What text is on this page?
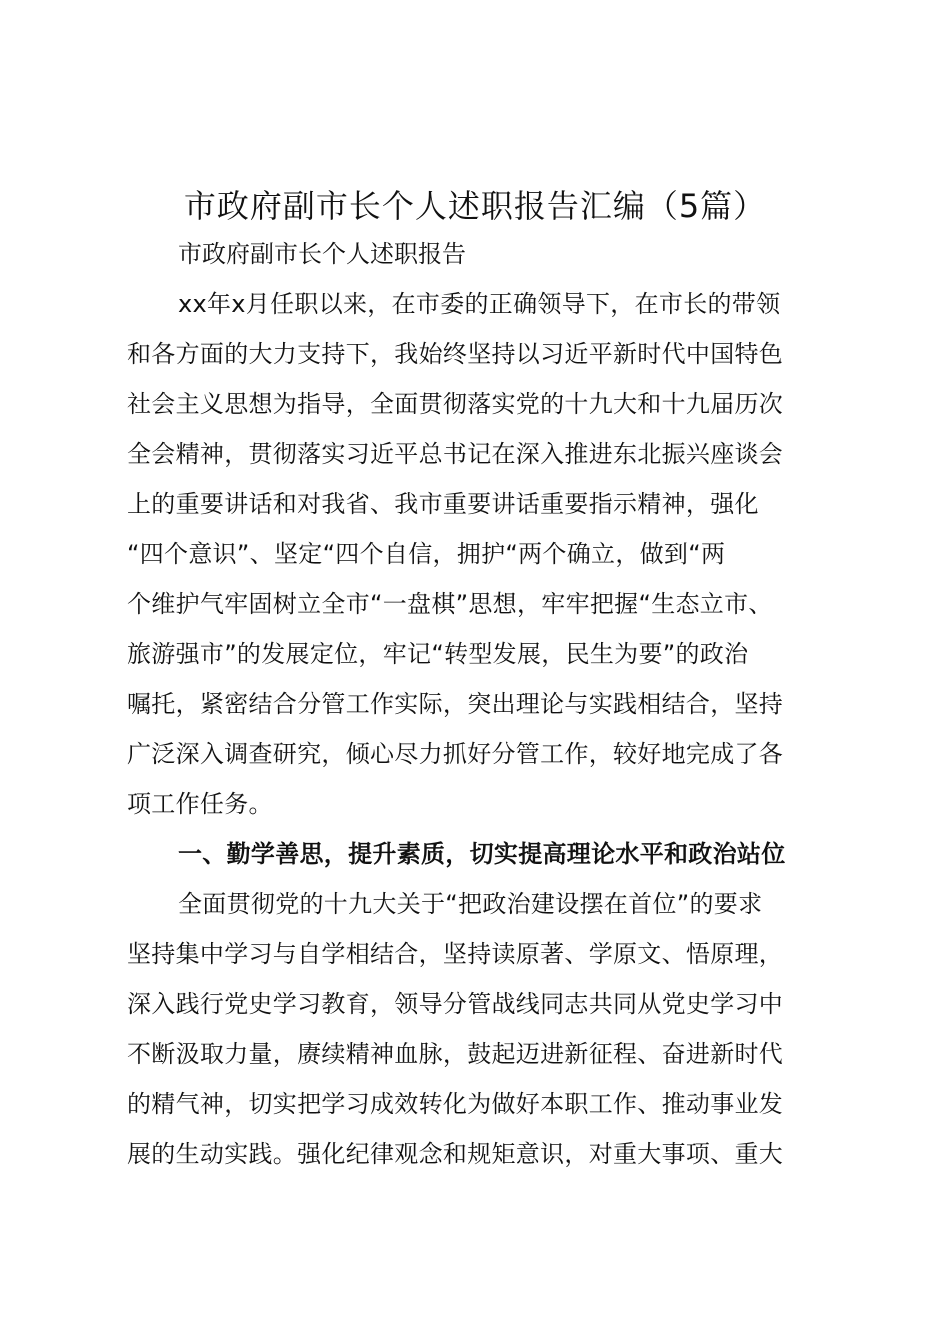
市政府副市长个人述职报告汇编（5篇）
市政府副市长个人述职报告
xx年x月任职以来，在市委的正确领导下，在市长的带领
和各方面的大力支持下，我始终坚持以习近平新时代中国特色
社会主义思想为指导，全面贯彻落实党的十九大和十九届历次
全会精神，贯彻落实习近平总书记在深入推进东北振兴座谈会
上的重要讲话和对我省、我市重要讲话重要指示精神，强化
“四个意识”、坚定“四个自信，拥护“两个确立，做到“两
个维护气牢固树立全市“一盘棋”思想，牢牢把握“生态立市、
旅游强市”的发展定位，牢记“转型发展，民生为要”的政治
嘱托，紧密结合分管工作实际，突出理论与实践相结合，坚持
广泛深入调查研究，倾心尽力抓好分管工作，较好地完成了各
项工作任务。
一、勤学善思，提升素质，切实提高理论水平和政治站位
全面贯彻党的十九大关于“把政治建设摆在首位”的要求
坚持集中学习与自学相结合，坚持读原著、学原文、悟原理，
深入践行党史学习教育，领导分管战线同志共同从党史学习中
不断汲取力量，赓续精神血脉，鼓起迈进新征程、奋进新时代
的精气神，切实把学习成效转化为做好本职工作、推动事业发
展的生动实践。强化纪律观念和规矩意识，对重大事项、重大
